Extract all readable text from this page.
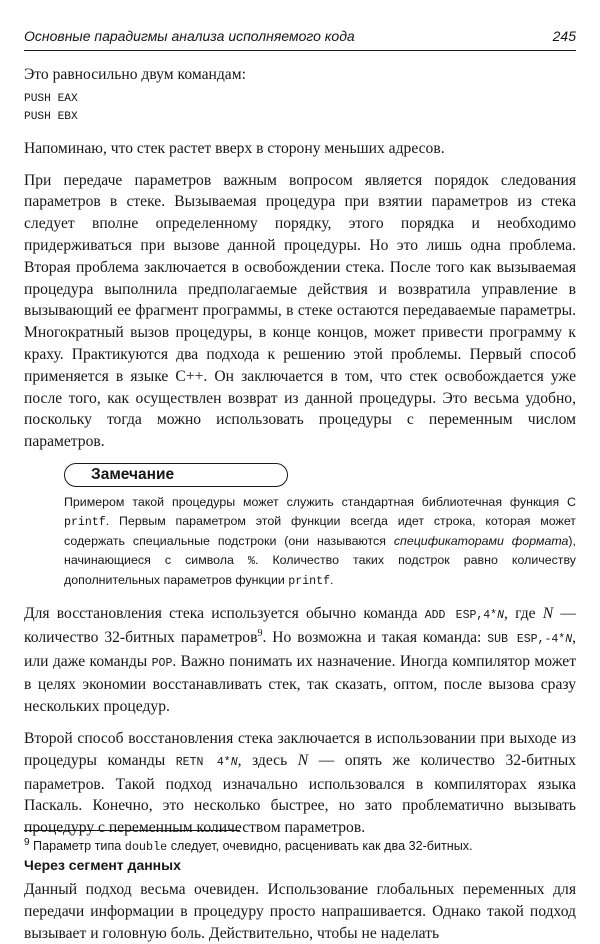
Основные парадигмы анализа исполняемого кода	245

Это равносильно двум командам:

PUSH EAX
PUSH EBX

Напоминаю, что стек растет вверх в сторону меньших адресов.

При передаче параметров важным вопросом является порядок следования параметров в стеке. Вызываемая процедура при взятии параметров из стека следует вполне определенному порядку, этого порядка и необходимо придерживаться при вызове данной процедуры. Но это лишь одна проблема. Вторая проблема заключается в освобождении стека. После того как вызываемая процедура выполнила предполагаемые действия и возвратила управление в вызывающий ее фрагмент программы, в стеке остаются передаваемые параметры. Многократный вызов процедуры, в конце концов, может привести программу к краху. Практикуются два подхода к решению этой проблемы. Первый способ применяется в языке C++. Он заключается в том, что стек освобождается уже после того, как осуществлен возврат из данной процедуры. Это весьма удобно, поскольку тогда можно использовать процедуры с переменным числом параметров.

Замечание
Примером такой процедуры может служить стандартная библиотечная функция C printf. Первым параметром этой функции всегда идет строка, которая может содержать специальные подстроки (они называются спецификаторами формата), начинающиеся с символа %. Количество таких подстрок равно количеству дополнительных параметров функции printf.

Для восстановления стека используется обычно команда ADD ESP,4*N, где N — количество 32-битных параметров$^9$. Но возможна и такая команда: SUB ESP,-4*N, или даже команды POP. Важно понимать их назначение. Иногда компилятор может в целях экономии восстанавливать стек, так сказать, оптом, после вызова сразу нескольких процедур.

Второй способ восстановления стека заключается в использовании при выходе из процедуры команды RETN 4*N, здесь N — опять же количество 32-битных параметров. Такой подход изначально использовался в компиляторах языка Паскаль. Конечно, это несколько быстрее, но зато проблематично вызывать процедуру с переменным количеством параметров.

Через сегмент данных

Данный подход весьма очевиден. Использование глобальных переменных для передачи информации в процедуру просто напрашивается. Однако такой подход вызывает и головную боль. Действительно, чтобы не наделать

$^9$ Параметр типа double следует, очевидно, расценивать как два 32-битных.
